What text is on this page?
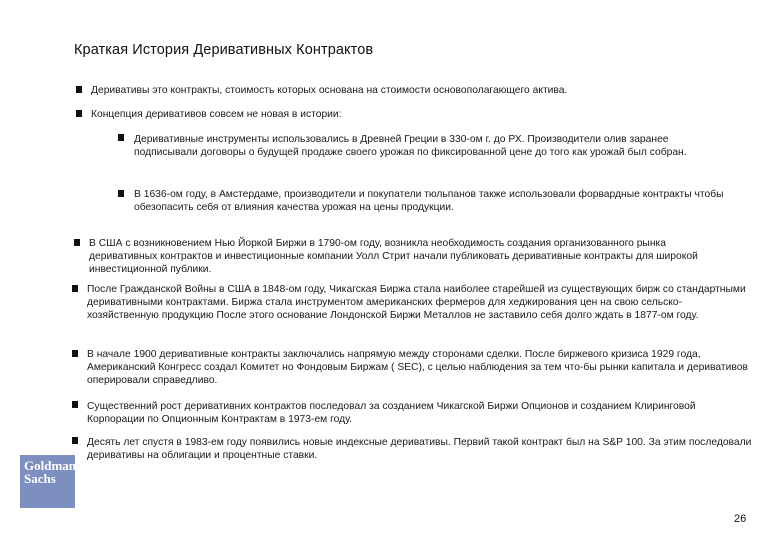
Краткая История Деривативных Контрактов
Деривативы это контракты, стоимость которых основана на стоимости основополагающего актива.
Концепция деривативов совсем не новая в истории:
Деривативные инструменты использовались в Древней Греции в 330-ом г. до РХ. Производители олив заранее подписывали договоры о будущей продаже своего урожая по фиксированной цене до того как урожай был собран.
В 1636-ом году, в Амстердаме, производители и покупатели тюльпанов также использовали форвардные контракты чтобы обезопасить себя от влияния качества урожая на цены продукции.
В США с возникновением Нью Йоркой Биржи в 1790-ом году, возникла необходимость создания организованного рынка деривативных контрактов и инвестиционные компании Уолл Стрит начали публиковать деривативные контракты для широкой инвестиционной публики.
После Гражданской Войны в США в 1848-ом году, Чикагская Биржа стала наиболее старейшей из существующих бирж со стандартными деривативными контрактами. Биржа стала инструментом американских фермеров для хеджирования цен на свою сельско-хозяйственную продукцию После этого основание Лондонской Биржи Металлов не заставило себя долго ждать в 1877-ом году.
В начале 1900 деривативные контракты заключались напрямую между сторонами сделки. После биржевого кризиса 1929 года, Американский Конгресс создал Комитет но Фондовым Биржам ( SEC), с целью наблюдения за тем что-бы рынки капитала и деривативов оперировали справедливо.
Существенний рост деривативних контрактов последовал за созданием Чикагской Биржи Опционов и созданием Клиринговой Корпорации по Опционным Контрактам в 1973-ем году.
Десять лет спустя в 1983-ем году появились новые индексные деривативы. Первий такой контракт был на S&P 100. За этим последовали деривативы на облигации и процентные ставки.
Goldman
Sachs
26
